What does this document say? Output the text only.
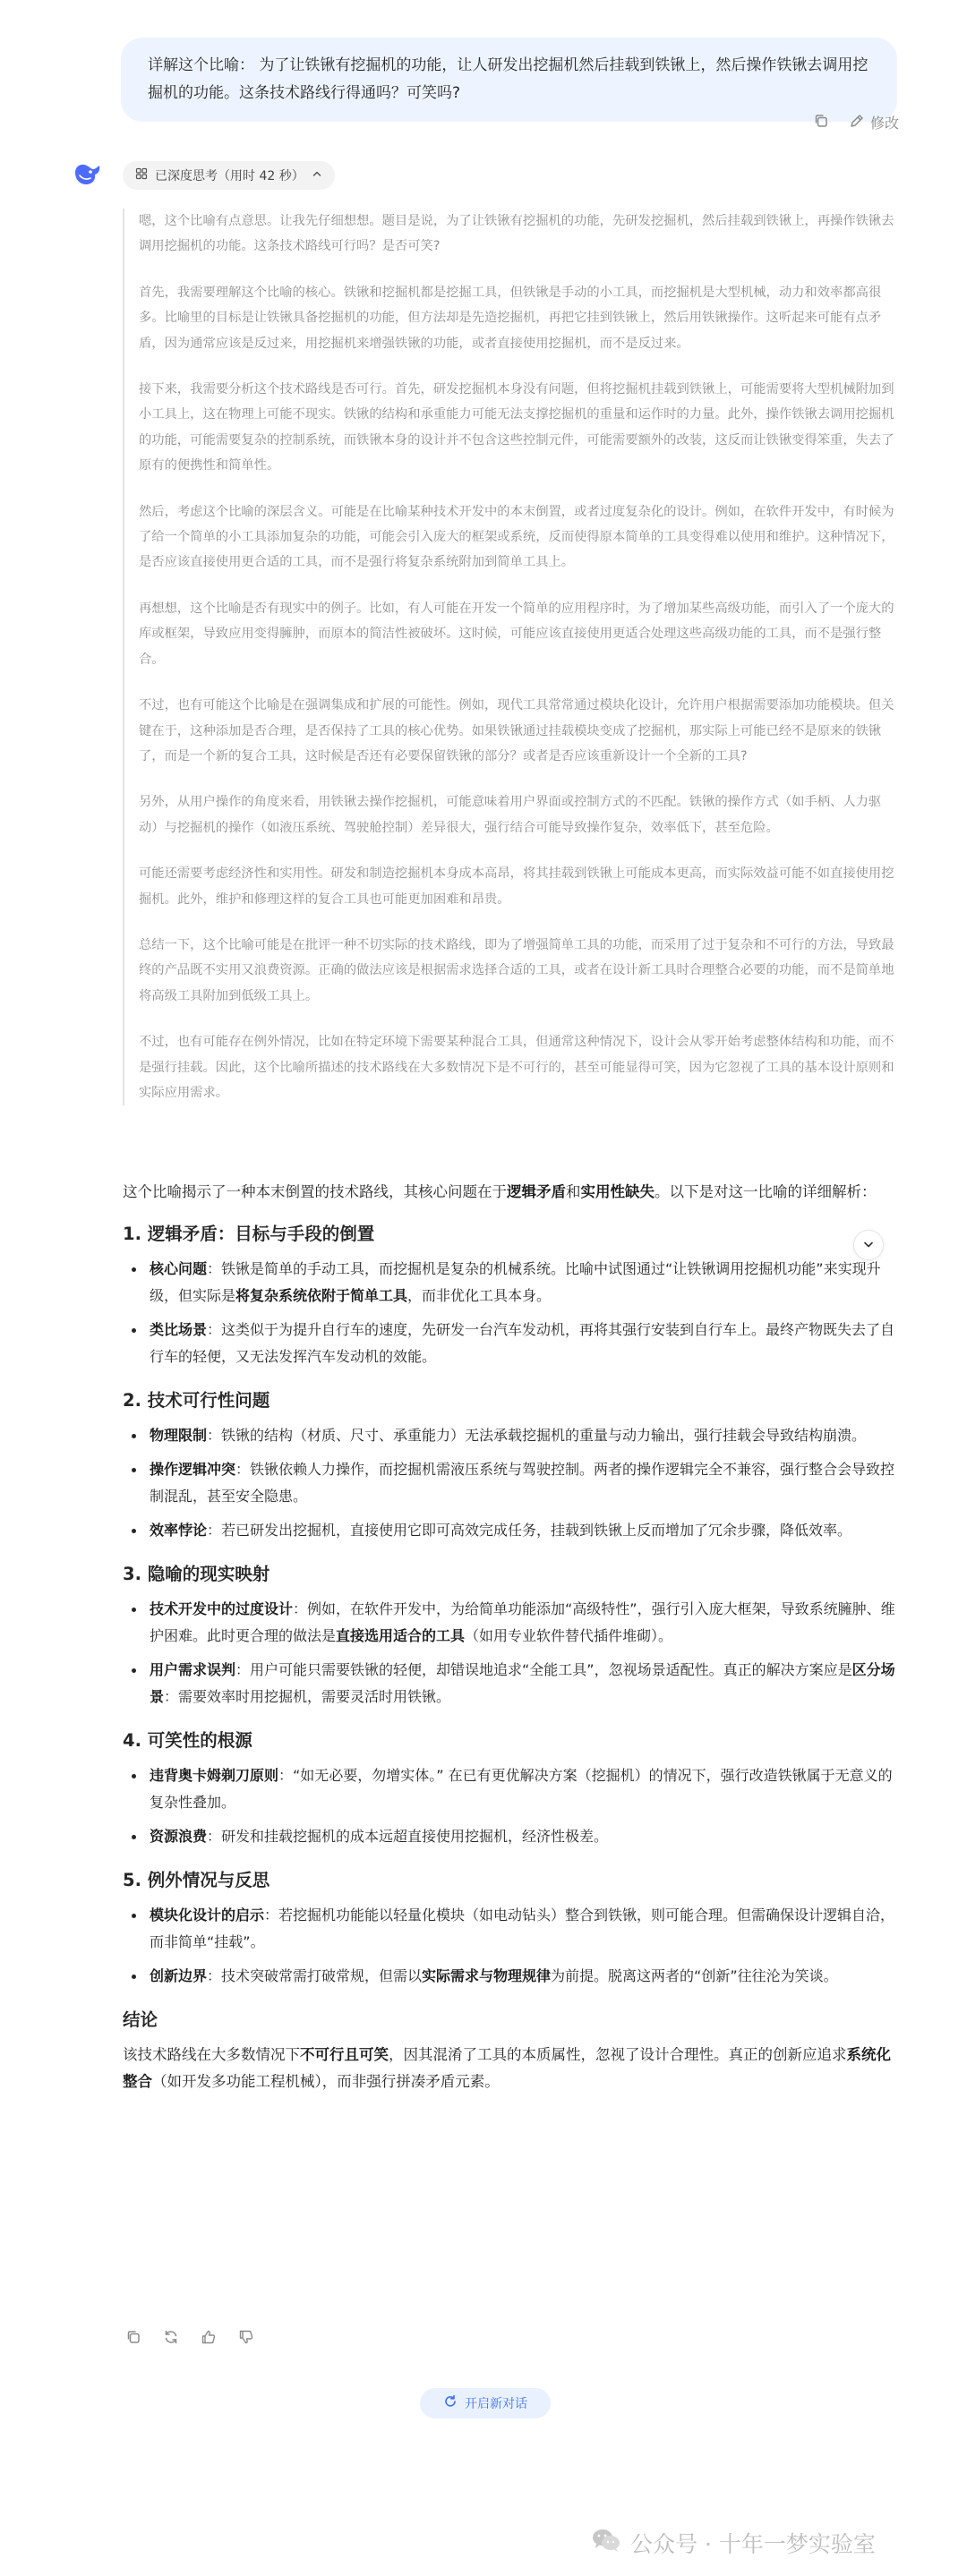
详解这个比喻： 为了让铁锹有挖掘机的功能，让人研发出挖掘机然后挂载到铁锹上，然后操作铁锹去调用挖掘机的功能。这条技术路线行得通吗？可笑吗?
修改
已深度思考（用时 42 秒）

嗯，这个比喻有点意思。让我先仔细想想。题目是说，为了让铁锹有挖掘机的功能，先研发挖掘机，然后挂载到铁锹上，再操作铁锹去调用挖掘机的功能。这条技术路线可行吗？是否可笑?

首先，我需要理解这个比喻的核心。铁锹和挖掘机都是挖掘工具，但铁锹是手动的小工具，而挖掘机是大型机械，动力和效率都高很多。比喻里的目标是让铁锹具备挖掘机的功能，但方法却是先造挖掘机，再把它挂到铁锹上，然后用铁锹操作。这听起来可能有点矛盾，因为通常应该是反过来，用挖掘机来增强铁锹的功能，或者直接使用挖掘机，而不是反过来。

接下来，我需要分析这个技术路线是否可行。首先，研发挖掘机本身没有问题，但将挖掘机挂载到铁锹上，可能需要将大型机械附加到小工具上，这在物理上可能不现实。铁锹的结构和承重能力可能无法支撑挖掘机的重量和运作时的力量。此外，操作铁锹去调用挖掘机的功能，可能需要复杂的控制系统，而铁锹本身的设计并不包含这些控制元件，可能需要额外的改装，这反而让铁锹变得笨重，失去了原有的便携性和简单性。

然后，考虑这个比喻的深层含义。可能是在比喻某种技术开发中的本末倒置，或者过度复杂化的设计。例如，在软件开发中，有时候为了给一个简单的小工具添加复杂的功能，可能会引入庞大的框架或系统，反而使得原本简单的工具变得难以使用和维护。这种情况下，是否应该直接使用更合适的工具，而不是强行将复杂系统附加到简单工具上。

再想想，这个比喻是否有现实中的例子。比如，有人可能在开发一个简单的应用程序时，为了增加某些高级功能，而引入了一个庞大的库或框架，导致应用变得臃肿，而原本的简洁性被破坏。这时候，可能应该直接使用更适合处理这些高级功能的工具，而不是强行整合。

不过，也有可能这个比喻是在强调集成和扩展的可能性。例如，现代工具常常通过模块化设计，允许用户根据需要添加功能模块。但关键在于，这种添加是否合理，是否保持了工具的核心优势。如果铁锹通过挂载模块变成了挖掘机，那实际上可能已经不是原来的铁锹了，而是一个新的复合工具，这时候是否还有必要保留铁锹的部分？或者是否应该重新设计一个全新的工具?

另外，从用户操作的角度来看，用铁锹去操作挖掘机，可能意味着用户界面或控制方式的不匹配。铁锹的操作方式（如手柄、人力驱动）与挖掘机的操作（如液压系统、驾驶舱控制）差异很大，强行结合可能导致操作复杂，效率低下，甚至危险。

可能还需要考虑经济性和实用性。研发和制造挖掘机本身成本高昂，将其挂载到铁锹上可能成本更高，而实际效益可能不如直接使用挖掘机。此外，维护和修理这样的复合工具也可能更加困难和昂贵。

总结一下，这个比喻可能是在批评一种不切实际的技术路线，即为了增强简单工具的功能，而采用了过于复杂和不可行的方法，导致最终的产品既不实用又浪费资源。正确的做法应该是根据需求选择合适的工具，或者在设计新工具时合理整合必要的功能，而不是简单地将高级工具附加到低级工具上。

不过，也有可能存在例外情况，比如在特定环境下需要某种混合工具，但通常这种情况下，设计会从零开始考虑整体结构和功能，而不是强行挂载。因此，这个比喻所描述的技术路线在大多数情况下是不可行的，甚至可能显得可笑，因为它忽视了工具的基本设计原则和实际应用需求。

这个比喻揭示了一种本末倒置的技术路线，其核心问题在于逻辑矛盾和实用性缺失。以下是对这一比喻的详细解析：

1. 逻辑矛盾：目标与手段的倒置
核心问题：铁锹是简单的手动工具，而挖掘机是复杂的机械系统。比喻中试图通过“让铁锹调用挖掘机功能”来实现升级，但实际是将复杂系统依附于简单工具，而非优化工具本身。
类比场景：这类似于为提升自行车的速度，先研发一台汽车发动机，再将其强行安装到自行车上。最终产物既失去了自行车的轻便，又无法发挥汽车发动机的效能。
2. 技术可行性问题
物理限制：铁锹的结构（材质、尺寸、承重能力）无法承载挖掘机的重量与动力输出，强行挂载会导致结构崩溃。
操作逻辑冲突：铁锹依赖人力操作，而挖掘机需液压系统与驾驶控制。两者的操作逻辑完全不兼容，强行整合会导致控制混乱，甚至安全隐患。
效率悖论：若已研发出挖掘机，直接使用它即可高效完成任务，挂载到铁锹上反而增加了冗余步骤，降低效率。
3. 隐喻的现实映射
技术开发中的过度设计：例如，在软件开发中，为给简单功能添加“高级特性”，强行引入庞大框架，导致系统臃肿、维护困难。此时更合理的做法是直接选用适合的工具（如用专业软件替代插件堆砌）。
用户需求误判：用户可能只需要铁锹的轻便，却错误地追求“全能工具”，忽视场景适配性。真正的解决方案应是区分场景：需要效率时用挖掘机，需要灵活时用铁锹。
4. 可笑性的根源
违背奥卡姆剃刀原则：“如无必要，勿增实体。” 在已有更优解决方案（挖掘机）的情况下，强行改造铁锹属于无意义的复杂性叠加。
资源浪费：研发和挂载挖掘机的成本远超直接使用挖掘机，经济性极差。
5. 例外情况与反思
模块化设计的启示：若挖掘机功能能以轻量化模块（如电动钻头）整合到铁锹，则可能合理。但需确保设计逻辑自洽，而非简单“挂载”。
创新边界：技术突破常需打破常规，但需以实际需求与物理规律为前提。脱离这两者的“创新”往往沦为笑谈。
结论

该技术路线在大多数情况下不可行且可笑，因其混淆了工具的本质属性，忽视了设计合理性。真正的创新应追求系统化整合（如开发多功能工程机械），而非强行拼凑矛盾元素。

开启新对话
公众号 · 十年一梦实验室
